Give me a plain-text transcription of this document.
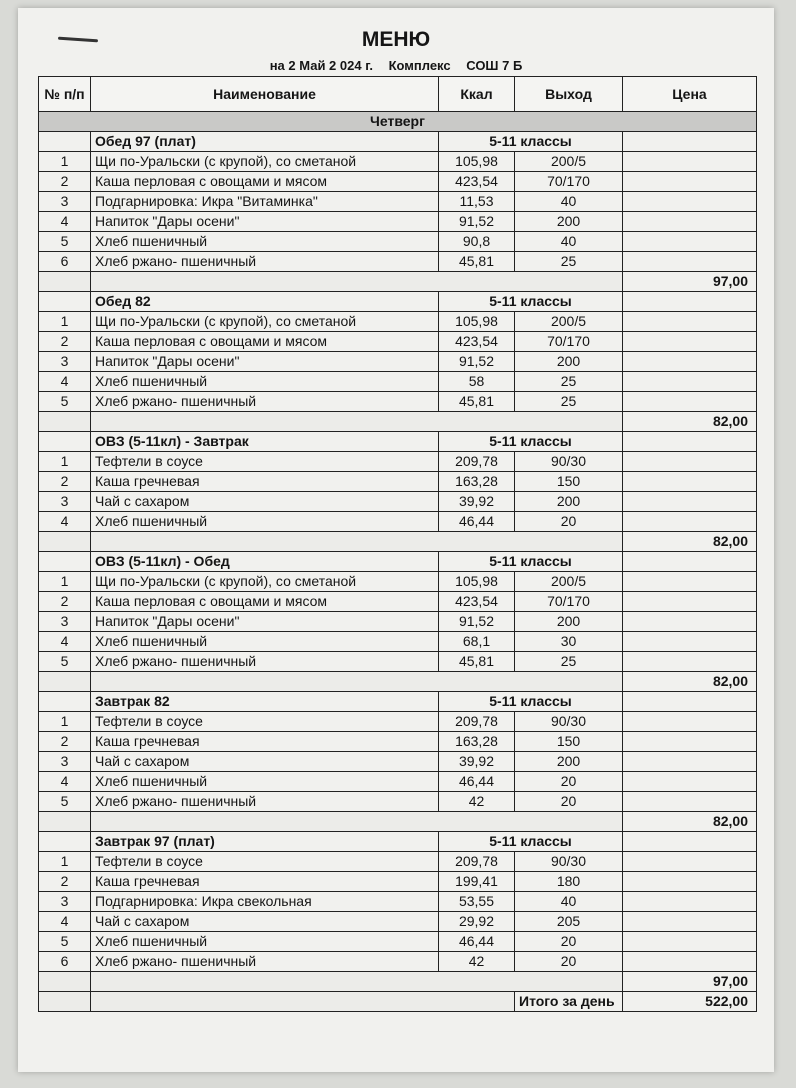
МЕНЮ
на 2 Май 2 024 г. Комплекс СОШ 7 Б
№ п/п	Наименование	Ккал	Выход	Цена
Четверг				
	Обед 97 (плат)	5-11 классы		
1	Щи по-Уральски (с крупой), со сметаной	105,98	200/5	
2	Каша перловая с овощами и мясом	423,54	70/170	
3	Подгарнировка: Икра "Витаминка"	11,53	40	
4	Напиток "Дары осени"	91,52	200	
5	Хлеб пшеничный	90,8	40	
6	Хлеб ржано- пшеничный	45,81	25	
				97,00
	Обед 82	5-11 классы		
1	Щи по-Уральски (с крупой), со сметаной	105,98	200/5	
2	Каша перловая с овощами и мясом	423,54	70/170	
3	Напиток "Дары осени"	91,52	200	
4	Хлеб пшеничный	58	25	
5	Хлеб ржано- пшеничный	45,81	25	
				82,00
	ОВЗ (5-11кл) - Завтрак	5-11 классы		
1	Тефтели в соусе	209,78	90/30	
2	Каша гречневая	163,28	150	
3	Чай с сахаром	39,92	200	
4	Хлеб пшеничный	46,44	20	
				82,00
	ОВЗ (5-11кл) - Обед	5-11 классы		
1	Щи по-Уральски (с крупой), со сметаной	105,98	200/5	
2	Каша перловая с овощами и мясом	423,54	70/170	
3	Напиток "Дары осени"	91,52	200	
4	Хлеб пшеничный	68,1	30	
5	Хлеб ржано- пшеничный	45,81	25	
				82,00
	Завтрак 82	5-11 классы		
1	Тефтели в соусе	209,78	90/30	
2	Каша гречневая	163,28	150	
3	Чай с сахаром	39,92	200	
4	Хлеб пшеничный	46,44	20	
5	Хлеб ржано- пшеничный	42	20	
				82,00
	Завтрак 97 (плат)	5-11 классы		
1	Тефтели в соусе	209,78	90/30	
2	Каша гречневая	199,41	180	
3	Подгарнировка: Икра свекольная	53,55	40	
4	Чай с сахаром	29,92	205	
5	Хлеб пшеничный	46,44	20	
6	Хлеб ржано- пшеничный	42	20	
				97,00
			Итого за день	522,00
